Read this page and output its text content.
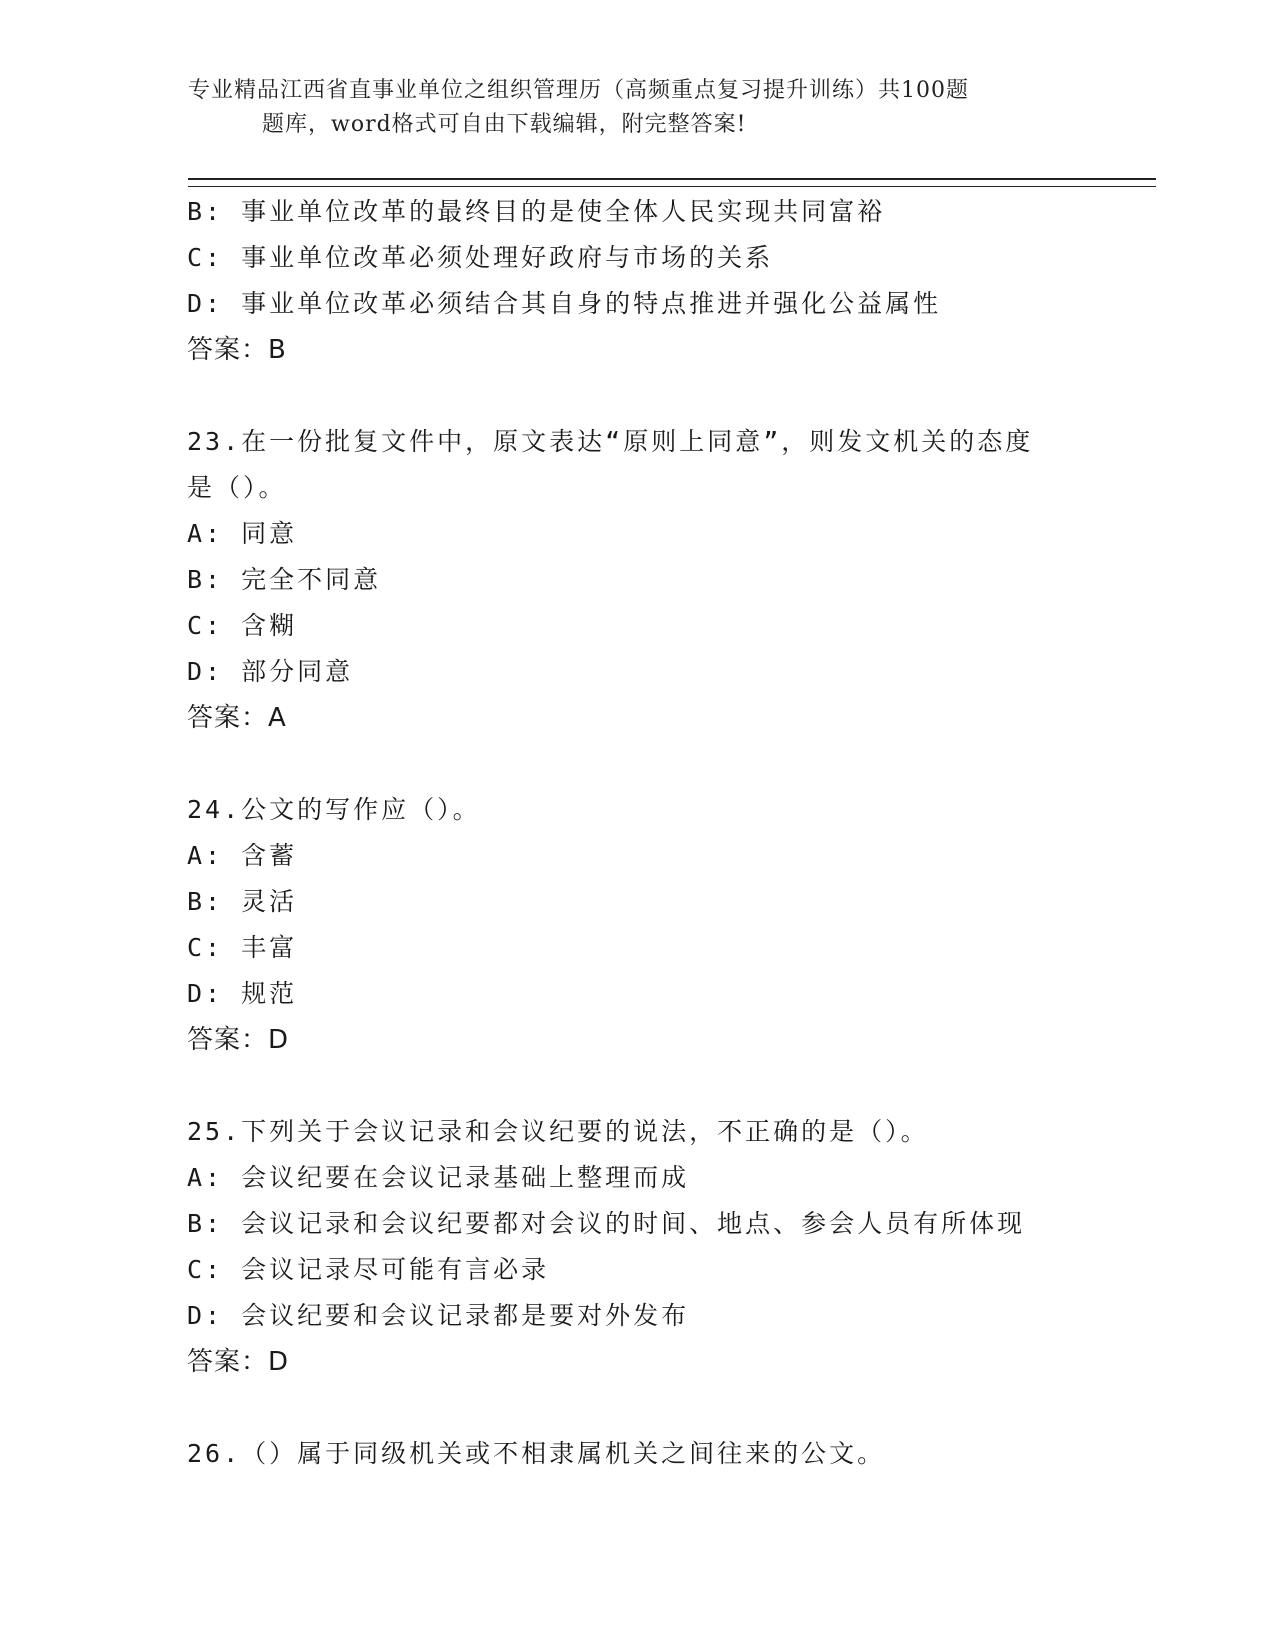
专业精品江西省直事业单位之组织管理历（高频重点复习提升训练）共100题
题库，word格式可自由下载编辑，附完整答案!
B: 事业单位改革的最终目的是使全体人民实现共同富裕
C: 事业单位改革必须处理好政府与市场的关系
D: 事业单位改革必须结合其自身的特点推进并强化公益属性
答案：B
23.在一份批复文件中，原文表达“原则上同意”，则发文机关的态度
是（）。
A: 同意
B: 完全不同意
C: 含糊
D: 部分同意
答案：A
24.公文的写作应（）。
A: 含蓄
B: 灵活
C: 丰富
D: 规范
答案：D
25.下列关于会议记录和会议纪要的说法，不正确的是（）。
A: 会议纪要在会议记录基础上整理而成
B: 会议记录和会议纪要都对会议的时间、地点、参会人员有所体现
C: 会议记录尽可能有言必录
D: 会议纪要和会议记录都是要对外发布
答案：D
26.（）属于同级机关或不相隶属机关之间往来的公文。
